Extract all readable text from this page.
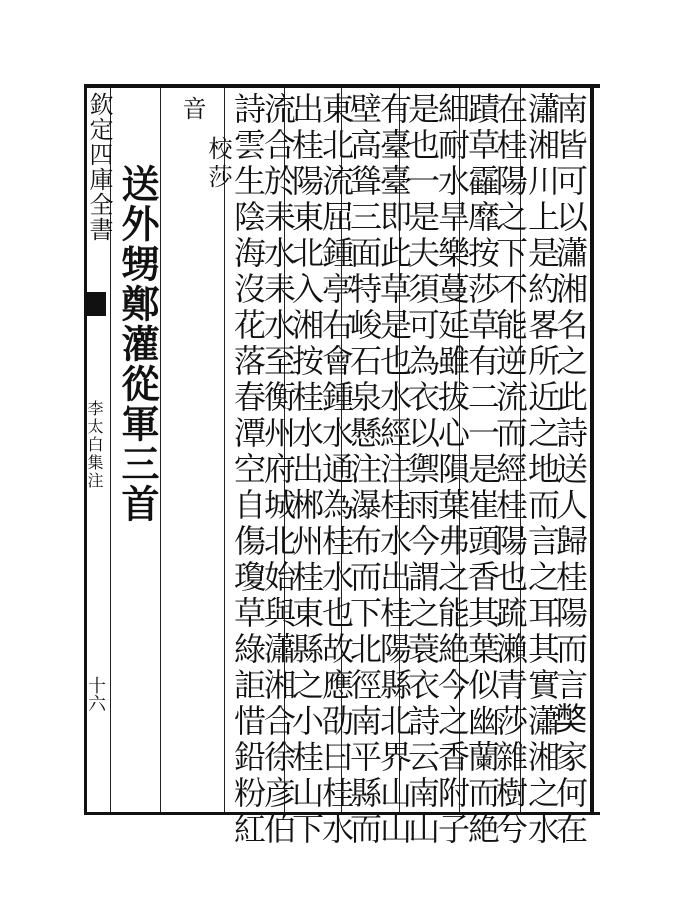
欽定四庫全書
李太白集注
十六
送外甥鄭灌從軍三首
音
校莎	南皆可以瀟湘名之此詩送人歸桂陽而言𡚁家何在
瀟湘川上是約畧所近之地而言之耳其實瀟湘之水
在桂陽之下不能逆流而經桂陽也䟽瀨青莎雜樹兮
蹟草靃靡按莎草有二一是崔頭香其葉似幽蘭而絶
細耐水旱樂蔓延雖拔心隕葉弗之能絶今之香附子
是也一是夫須可為衣以禦雨今謂之蓑衣詩云南山
有臺臺即此草是也水經注桂水出桂陽縣北界山山
壁高聳三面特峻石泉懸注瀑布而下北徑南平縣而
東北流屈鍾亭右會鍾水通為桂水也故應劭曰桂水
出桂陽東北入湘按桂水出郴州桂東縣之小桂山下
流合於耒水耒水至衡州府城北始與瀟湘合徐彦伯
詩雲生陰海沒花落春潭空自傷瓊草綠詎惜鉛粉紅
